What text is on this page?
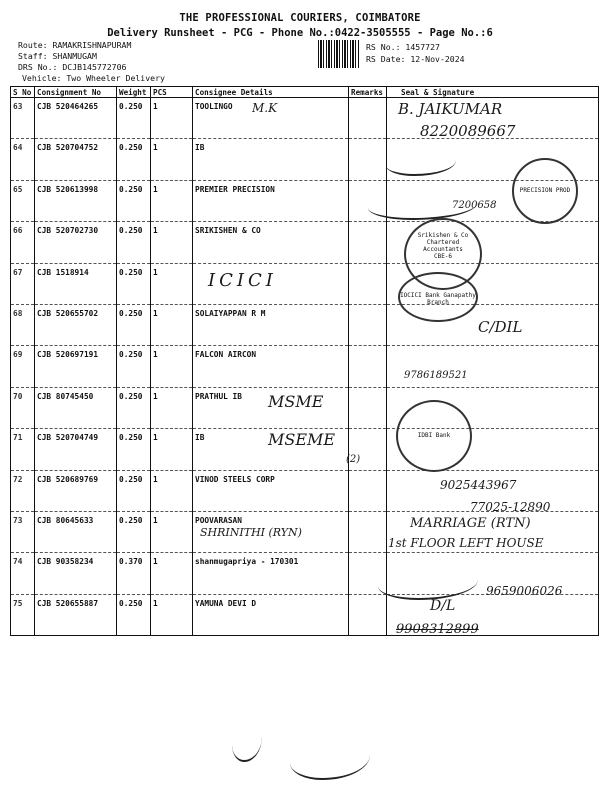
THE PROFESSIONAL COURIERS, COIMBATORE
Delivery Runsheet - PCG - Phone No.:0422-3505555 - Page No.:6
Route: RAMAKRISHNAPURAM
Staff: SHANMUGAM
DRS No.: DCJB145772706
Vehicle: Two Wheeler Delivery
RS No.: 1457727
RS Date: 12-Nov-2024
S No	Consignment No	Weight	PCS	Consignee Details	Remarks	Seal & Signature
63	CJB 520464265	0.250	1	TOOLINGO		
64	CJB 520704752	0.250	1	IB		
65	CJB 520613998	0.250	1	PREMIER PRECISION		
66	CJB 520702730	0.250	1	SRIKISHEN & CO		
67	CJB 1518914	0.250	1			
68	CJB 520655702	0.250	1	SOLAIYAPPAN R M		
69	CJB 520697191	0.250	1	FALCON AIRCON		
70	CJB 80745450	0.250	1	PRATHUL IB		
71	CJB 520704749	0.250	1	IB		
72	CJB 520689769	0.250	1	VINOD STEELS CORP		
73	CJB 80645633	0.250	1	POOVARASAN		
74	CJB 90358234	0.370	1	shanmugapriya - 170301		
75	CJB 520655887	0.250	1	YAMUNA DEVI D		
M.K	B. JAIKUMAR
8220089667
7200658
PRECISION PROD
Srikishen & Co Chartered Accountants
CBE-6
IOCICI Bank Ganapathy Branch
ICICI
C/DIL
9786189521
MSME
MSEME
(2)
IDBI Bank
9025443967
77025-12890
SHRINITHI (RYN)
MARRIAGE (RTN)
1st FLOOR LEFT HOUSE
9659006026
D/L
9908312899
